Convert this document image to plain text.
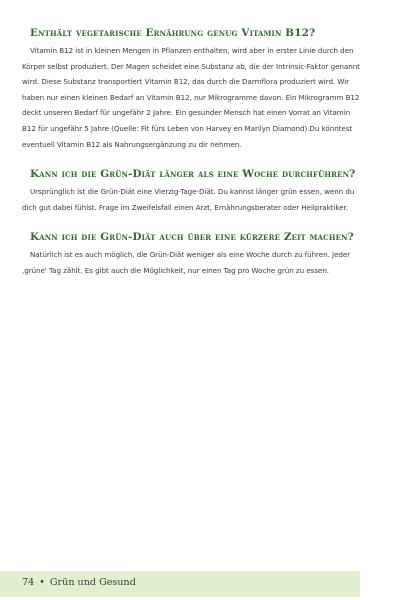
Enthält vegetarische Ernährung genug Vitamin B12?

Vitamin B12 ist in kleinen Mengen in Pflanzen enthalten, wird aber in erster Linie durch den Körper selbst produziert. Der Magen scheidet eine Substanz ab, die der Intrinsic-Faktor genannt wird. Diese Substanz transportiert Vitamin B12, das durch die Darmflora produziert wird. Wir haben nur einen kleinen Bedarf an Vitamin B12, nur Mikrogramme davon. Ein Mikrogramm B12 deckt unseren Bedarf für ungefähr 2 Jahre. Ein gesunder Mensch hat einen Vorrat an Vitamin B12 für ungefähr 5 Jahre (Quelle: Fit fürs Leben von Harvey en Marilyn Diamond).Du könntest eventuell Vitamin B12 als Nahrungsergänzung zu dir nehmen.

Kann ich die Grün-Diät länger als eine Woche durchführen?

Ursprünglich ist die Grün-Diät eine Vierzig-Tage-Diät. Du kannst länger grün essen, wenn du dich gut dabei fühlst. Frage im Zweifelsfall einen Arzt, Ernährungsberater oder Heilpraktiker.

Kann ich die Grün-Diät auch über eine kürzere Zeit machen?

Natürlich ist es auch möglich, die Grün-Diät weniger als eine Woche durch zu führen. Jeder ‚grüne' Tag zählt. Es gibt auch die Möglichkeit, nur einen Tag pro Woche grün zu essen.

74 • Grün und Gesund
